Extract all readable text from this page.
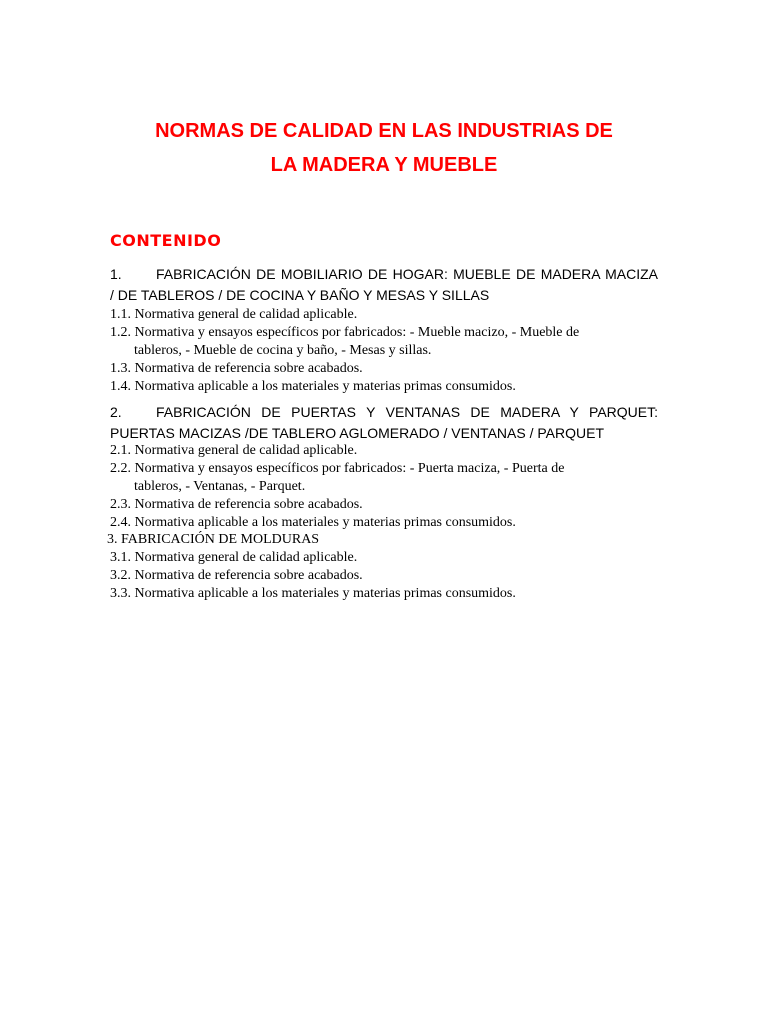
NORMAS DE CALIDAD EN LAS INDUSTRIAS DE
LA MADERA Y MUEBLE
CONTENIDO
1.	FABRICACIÓN DE MOBILIARIO DE HOGAR: MUEBLE DE MADERA MACIZA
/ DE TABLEROS / DE COCINA Y BAÑO Y MESAS Y SILLAS
1.1. Normativa general de calidad aplicable.
1.2. Normativa y ensayos específicos por fabricados: - Mueble macizo, - Mueble de
tableros, - Mueble de cocina y baño, - Mesas y sillas.
1.3. Normativa de referencia sobre acabados.
1.4. Normativa aplicable a los materiales y materias primas consumidos.
2.	FABRICACIÓN DE PUERTAS Y VENTANAS DE MADERA Y PARQUET:
PUERTAS MACIZAS /DE TABLERO AGLOMERADO / VENTANAS / PARQUET
2.1. Normativa general de calidad aplicable.
2.2. Normativa y ensayos específicos por fabricados: - Puerta maciza, - Puerta de
tableros, - Ventanas, - Parquet.
2.3. Normativa de referencia sobre acabados.
2.4. Normativa aplicable a los materiales y materias primas consumidos.
3. FABRICACIÓN DE MOLDURAS
3.1. Normativa general de calidad aplicable.
3.2. Normativa de referencia sobre acabados.
3.3. Normativa aplicable a los materiales y materias primas consumidos.
